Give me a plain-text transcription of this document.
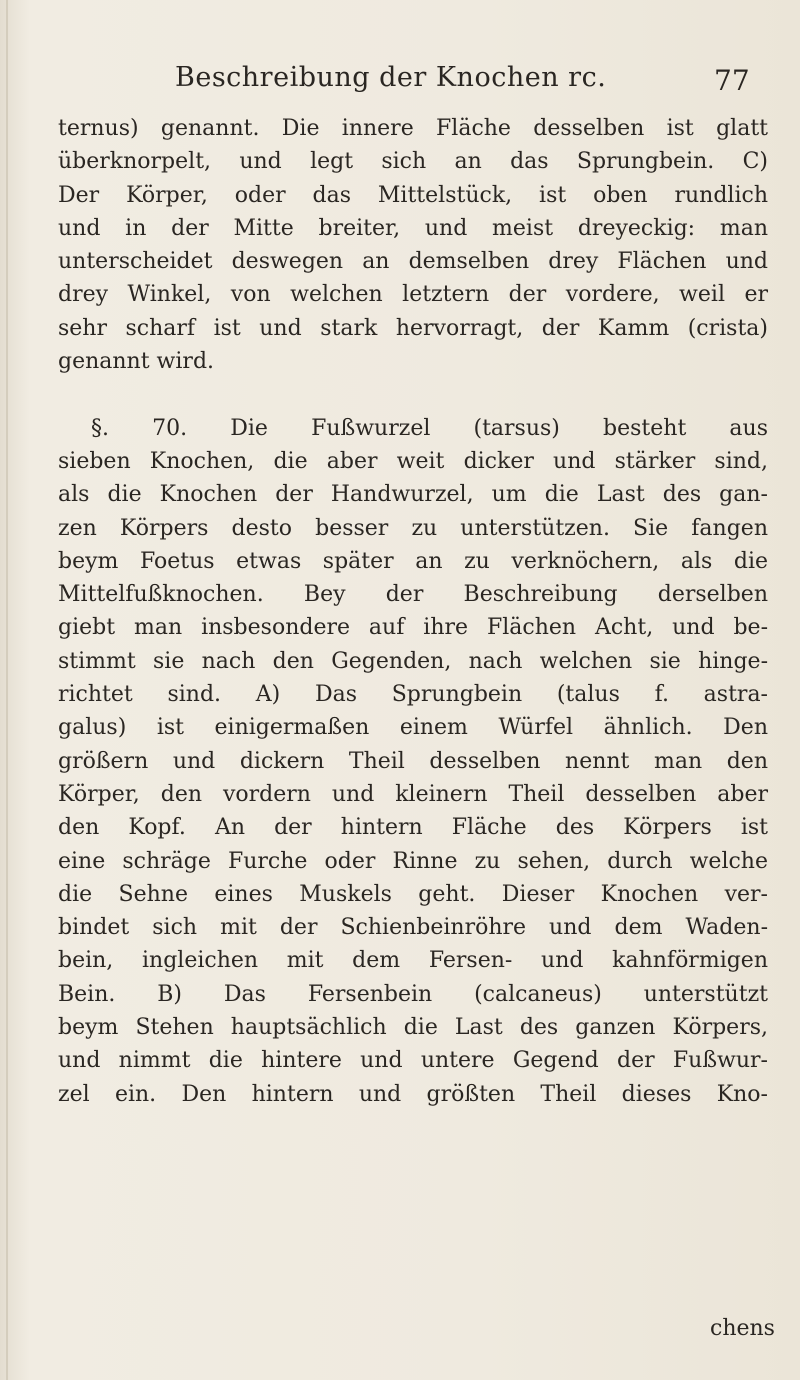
Beschreibung der Knochen rc.	77
ternus) genannt. Die innere Fläche desselben ist glatt
überknorpelt, und legt sich an das Sprungbein. C)
Der Körper, oder das Mittelstück, ist oben rundlich
und in der Mitte breiter, und meist dreyeckig: man
unterscheidet deswegen an demselben drey Flächen und
drey Winkel, von welchen letztern der vordere, weil er
sehr scharf ist und stark hervorragt, der Kamm (crista)
genannt wird.
§. 70. Die Fußwurzel (tarsus) besteht aus
sieben Knochen, die aber weit dicker und stärker sind,
als die Knochen der Handwurzel, um die Last des gan-
zen Körpers desto besser zu unterstützen. Sie fangen
beym Foetus etwas später an zu verknöchern, als die
Mittelfußknochen. Bey der Beschreibung derselben
giebt man insbesondere auf ihre Flächen Acht, und be-
stimmt sie nach den Gegenden, nach welchen sie hinge-
richtet sind. A) Das Sprungbein (talus f. astra-
galus) ist einigermaßen einem Würfel ähnlich. Den
größern und dickern Theil desselben nennt man den
Körper, den vordern und kleinern Theil desselben aber
den Kopf. An der hintern Fläche des Körpers ist
eine schräge Furche oder Rinne zu sehen, durch welche
die Sehne eines Muskels geht. Dieser Knochen ver-
bindet sich mit der Schienbeinröhre und dem Waden-
bein, ingleichen mit dem Fersen- und kahnförmigen
Bein. B) Das Fersenbein (calcaneus) unterstützt
beym Stehen hauptsächlich die Last des ganzen Körpers,
und nimmt die hintere und untere Gegend der Fußwur-
zel ein. Den hintern und größten Theil dieses Kno-
chens
